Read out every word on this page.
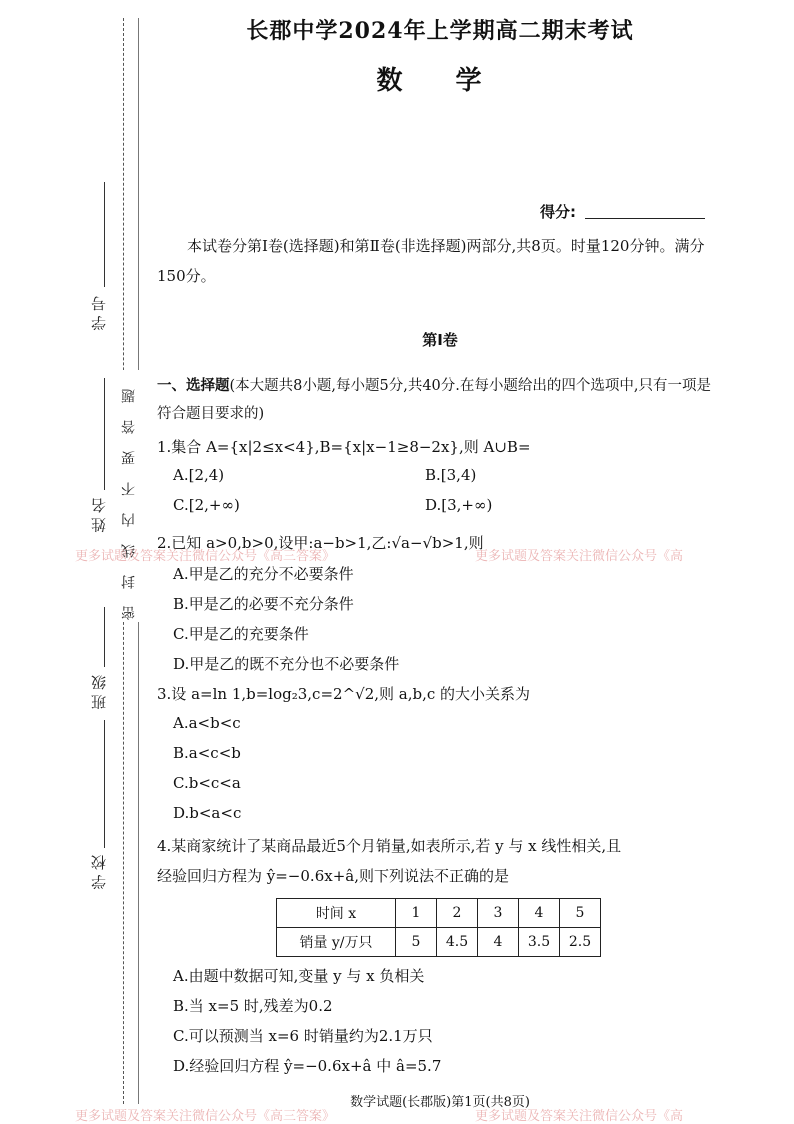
学 号
姓 名
班 级
学 校
密封线内不要答题
长郡中学2024年上学期高二期末考试
数 学
得分:
本试卷分第Ⅰ卷(选择题)和第Ⅱ卷(非选择题)两部分,共8页。时量120分钟。满分150分。
第Ⅰ卷
一、选择题(本大题共8小题,每小题5分,共40分.在每小题给出的四个选项中,只有一项是符合题目要求的)
1.集合 A={x|2≤x<4},B={x|x−1≥8−2x},则 A∪B=
A.[2,4)	B.[3,4)
C.[2,+∞)	D.[3,+∞)
2.已知 a>0,b>0,设甲:a−b>1,乙:√a−√b>1,则
A.甲是乙的充分不必要条件
B.甲是乙的必要不充分条件
C.甲是乙的充要条件
D.甲是乙的既不充分也不必要条件
3.设 a=ln 1,b=log₂3,c=2^√2,则 a,b,c 的大小关系为
A.a<b<c
B.a<c<b
C.b<c<a
D.b<a<c
4.某商家统计了某商品最近5个月销量,如表所示,若 y 与 x 线性相关,且
经验回归方程为 ŷ=−0.6x+â,则下列说法不正确的是
时间 x	1	2	3	4	5
销量 y/万只	5	4.5	4	3.5	2.5
A.由题中数据可知,变量 y 与 x 负相关
B.当 x=5 时,残差为0.2
C.可以预测当 x=6 时销量约为2.1万只
D.经验回归方程 ŷ=−0.6x+â 中 â=5.7
数学试题(长郡版)第1页(共8页)
更多试题及答案关注微信公众号《高三答案》	更多试题及答案关注微信公众号《高
更多试题及答案关注微信公众号《高三答案》	更多试题及答案关注微信公众号《高
